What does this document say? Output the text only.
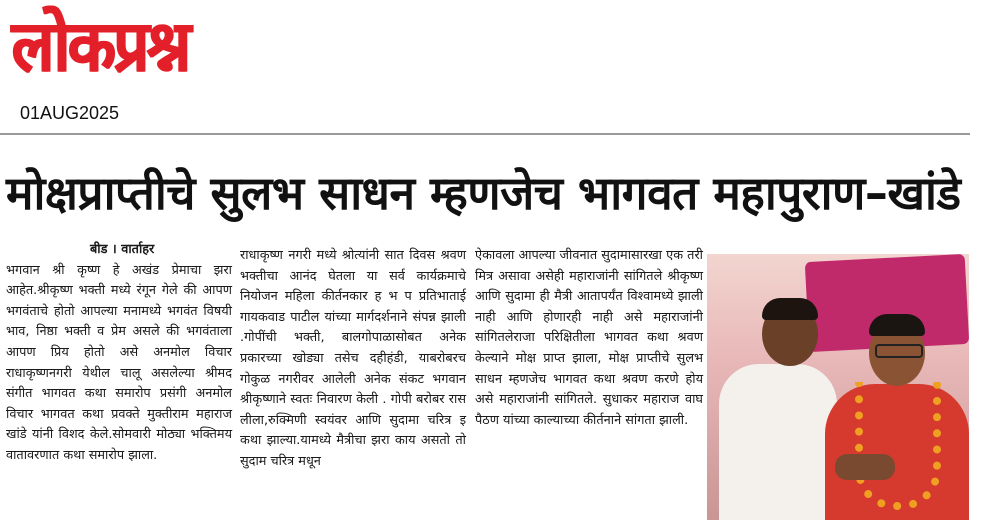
लोकप्रश्न
01AUG2025
मोक्षप्राप्तीचे सुलभ साधन म्हणजेच भागवत महापुराण–खांडे
बीड । वार्ताहर

भगवान श्री कृष्ण हे अखंड प्रेमाचा झरा आहेत.श्रीकृष्ण भक्ती मध्ये रंगून गेले की आपण भगवंताचे होतो आपल्या मनामध्ये भगवंत विषयी भाव, निष्ठा भक्ती व प्रेम असले की भगवंताला आपण प्रिय होतो असे अनमोल विचार राधाकृष्णनगरी येथील चालू असलेल्या श्रीमद संगीत भागवत कथा समारोप प्रसंगी अनमोल विचार भागवत कथा प्रवक्ते मुक्तीराम महाराज खांडे यांनी विशद केले.सोमवारी मोठ्या भक्तिमय वातावरणात कथा समारोप झाला.

राधाकृष्ण नगरी मध्ये श्रोत्यांनी सात दिवस श्रवण भक्तीचा आनंद घेतला या सर्व कार्यक्रमाचे नियोजन महिला कीर्तनकार ह भ प प्रतिभाताई गायकवाड पाटील यांच्या मार्गदर्शनाने संपन्न झाली .गोपींची भक्ती, बालगोपाळासोबत अनेक प्रकारच्या खोड्या तसेच दहीहंडी, याबरोबरच गोकुळ नगरीवर आलेली अनेक संकट भगवान श्रीकृष्णाने स्वतः निवारण केली . गोपी बरोबर रास लीला,रुक्मिणी स्वयंवर आणि सुदामा चरित्र इ कथा झाल्या.यामध्ये मैत्रीचा झरा काय असतो तो सुदाम चरित्र मधून

ऐकावला आपल्या जीवनात सुदामासारखा एक तरी मित्र असावा असेही महाराजांनी सांगितले श्रीकृष्ण आणि सुदामा ही मैत्री आतापर्यंत विश्वामध्ये झाली नाही आणि होणारही नाही असे महाराजांनी सांगितलेराजा परिक्षितीला भागवत कथा श्रवण केल्याने मोक्ष प्राप्त झाला, मोक्ष प्राप्तीचे सुलभ साधन म्हणजेच भागवत कथा श्रवण करणे होय असे महाराजांनी सांगितले. सुधाकर महाराज वाघ पैठण यांच्या काल्याच्या कीर्तनाने सांगता झाली.
